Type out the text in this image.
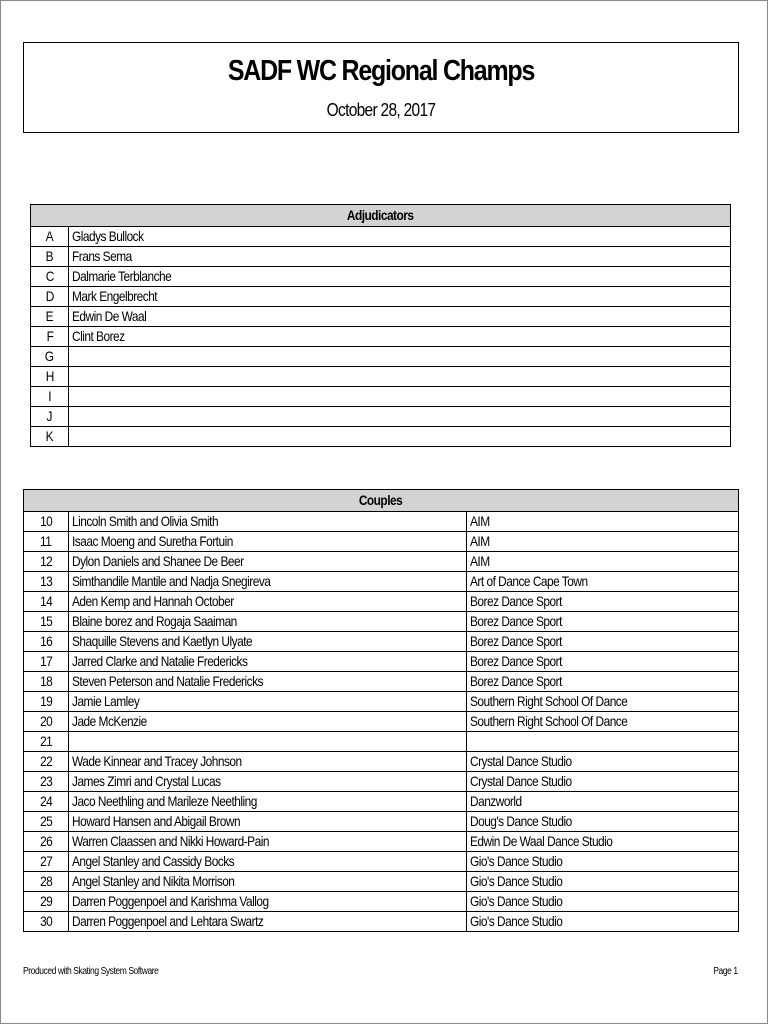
SADF WC Regional Champs
October 28, 2017
Adjudicators	
A	Gladys Bullock
B	Frans Sema
C	Dalmarie Terblanche
D	Mark Engelbrecht
E	Edwin De Waal
F	Clint Borez
G	
H	
I	
J	
K	
Couples		
10	Lincoln Smith and Olivia Smith	AIM
11	Isaac Moeng and Suretha Fortuin	AIM
12	Dylon Daniels and Shanee De Beer	AIM
13	Simthandile Mantile and Nadja Snegireva	Art of Dance Cape Town
14	Aden Kemp and Hannah October	Borez Dance Sport
15	Blaine borez and Rogaja Saaiman	Borez Dance Sport
16	Shaquille Stevens and Kaetlyn Ulyate	Borez Dance Sport
17	Jarred Clarke and Natalie Fredericks	Borez Dance Sport
18	Steven Peterson and Natalie Fredericks	Borez Dance Sport
19	Jamie Lamley	Southern Right School Of Dance
20	Jade McKenzie	Southern Right School Of Dance
21		
22	Wade Kinnear and Tracey Johnson	Crystal Dance Studio
23	James Zimri and Crystal Lucas	Crystal Dance Studio
24	Jaco Neethling and Marileze Neethling	Danzworld
25	Howard Hansen and Abigail Brown	Doug's Dance Studio
26	Warren Claassen and Nikki Howard-Pain	Edwin De Waal Dance Studio
27	Angel Stanley and Cassidy Bocks	Gio's Dance Studio
28	Angel Stanley and Nikita Morrison	Gio's Dance Studio
29	Darren Poggenpoel and Karishma Vallog	Gio's Dance Studio
30	Darren Poggenpoel and Lehtara Swartz	Gio's Dance Studio
Produced with Skating System Software	Page 1
